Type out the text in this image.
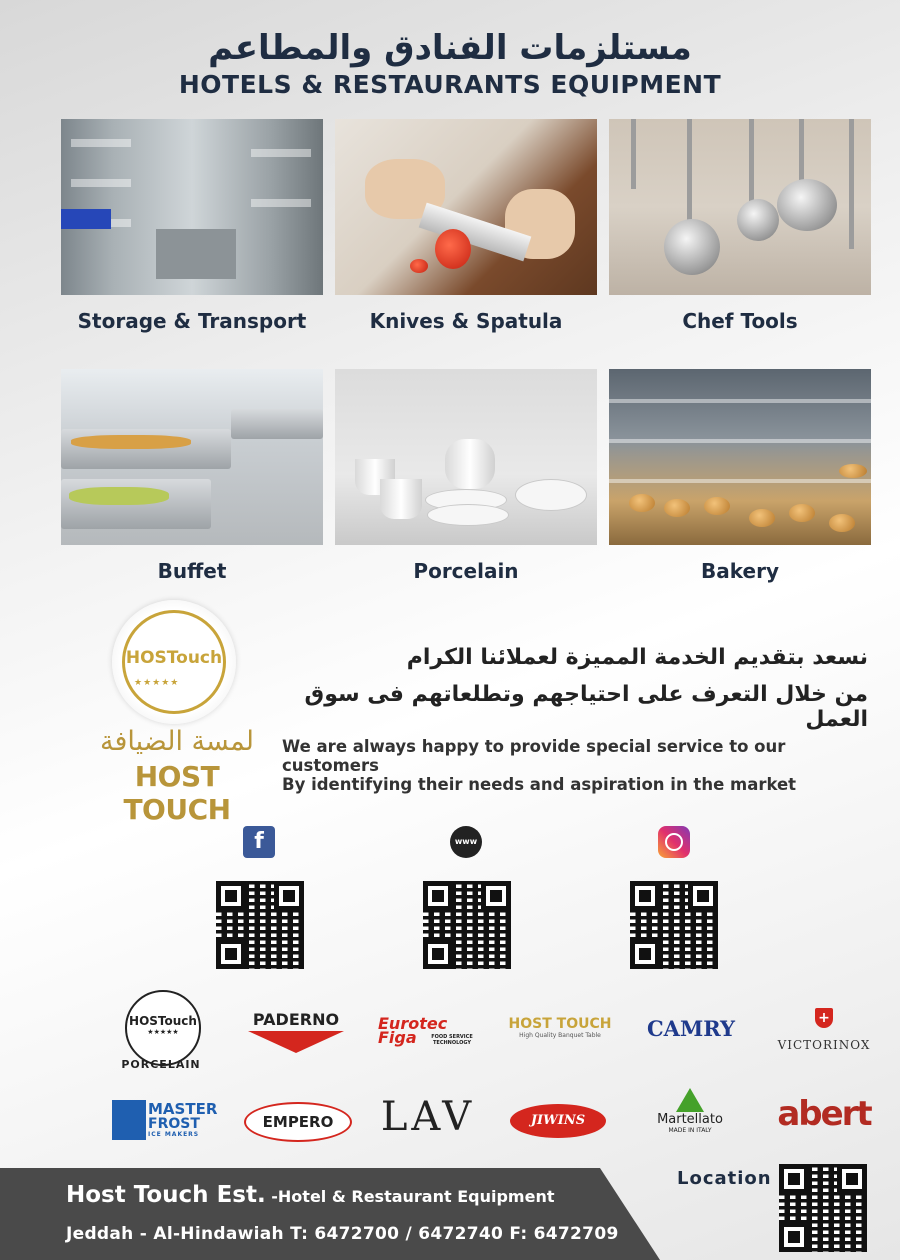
مستلزمات الفنادق والمطاعم
HOTELS & RESTAURANTS EQUIPMENT
Storage & Transport	Knives & Spatula	Chef Tools
Buffet	Porcelain	Bakery
HOSTouch
★★★★★
لمسة الضيافة
HOST TOUCH
نسعد بتقديم الخدمة المميزة لعملائنا الكرام
من خلال التعرف على احتياجهم وتطلعاتهم فى سوق العمل
We are always happy to provide special service to our customers
By identifying their needs and aspiration in the market
f	www
HOSTouch
★★★★★
PORCELAIN
PADERNO	Eurotec
Figa	FOOD SERVICE TECHNOLOGY
HOST TOUCH
High Quality Banquet Table	CAMRY	+
VICTORINOX
MASTER
FROST
ICE MAKERS
EMPERO	LAV	JIWINS	Martellato
MADE IN ITALY	abert
Host Touch Est. -Hotel & Restaurant Equipment
Jeddah - Al-Hindawiah T: 6472700 / 6472740 F: 6472709
Location
